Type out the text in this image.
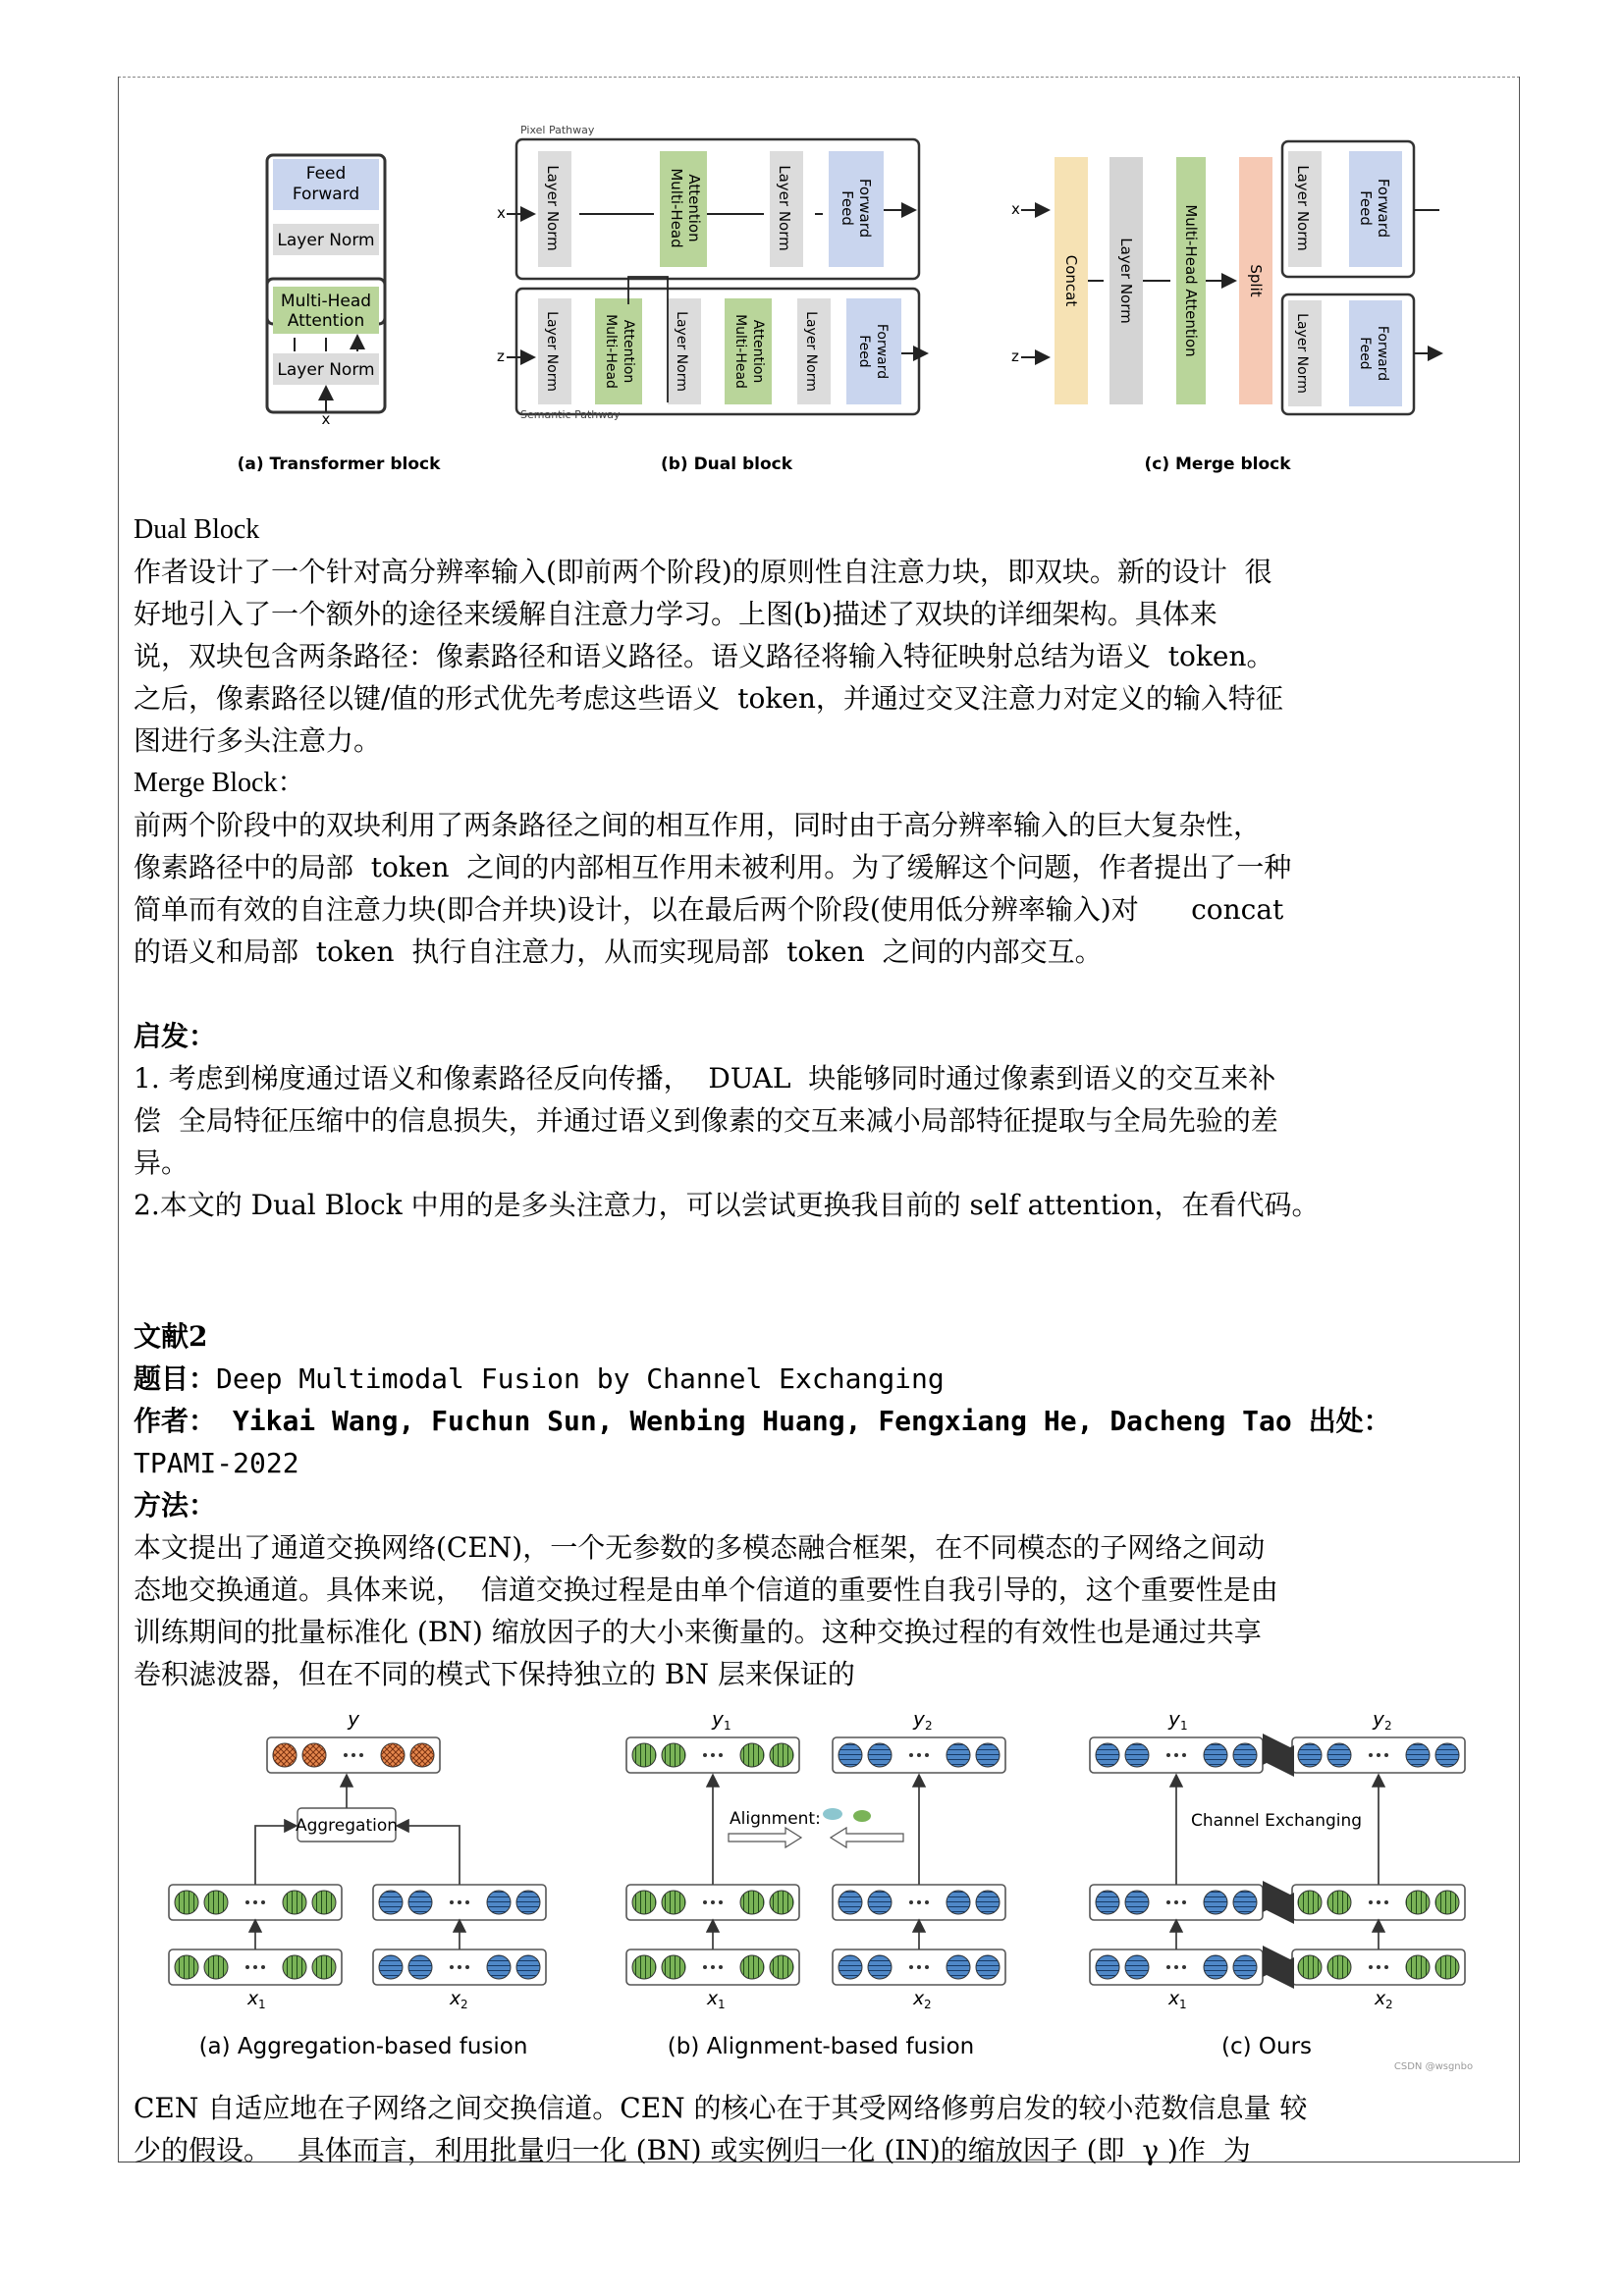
Feed
Forward
Layer Norm
Multi-Head
Attention
Layer Norm
x
(a) Transformer block
Pixel Pathway
x	Layer Norm	Multi-Head Attention	Layer Norm	Feed Forward
z	Layer Norm	Multi-Head Attention	Layer Norm	Multi-Head Attention	Layer Norm	Feed Forward
Semantic Pathway
(b) Dual block
x
z
Concat	Layer Norm	Multi-Head Attention	Split
Layer Norm	Feed Forward
Layer Norm	Feed Forward
(c) Merge block
Dual Block
作者设计了一个针对高分辨率输入(即前两个阶段)的原则性自注意力块，即双块。新的设计  很
好地引入了一个额外的途径来缓解自注意力学习。上图(b)描述了双块的详细架构。具体来
说，双块包含两条路径：像素路径和语义路径。语义路径将输入特征映射总结为语义  token。
之后，像素路径以键/值的形式优先考虑这些语义  token，并通过交叉注意力对定义的输入特征
图进行多头注意力。
Merge Block：
前两个阶段中的双块利用了两条路径之间的相互作用，同时由于高分辨率输入的巨大复杂性，
像素路径中的局部  token  之间的内部相互作用未被利用。为了缓解这个问题，作者提出了一种
简单而有效的自注意力块(即合并块)设计，以在最后两个阶段(使用低分辨率输入)对      concat
的语义和局部  token  执行自注意力，从而实现局部  token  之间的内部交互。
启发：
1. 考虑到梯度通过语义和像素路径反向传播，  DUAL  块能够同时通过像素到语义的交互来补
偿  全局特征压缩中的信息损失，并通过语义到像素的交互来减小局部特征提取与全局先验的差
异。
2.本文的 Dual Block 中用的是多头注意力，可以尝试更换我目前的 self attention，在看代码。
文献2
题目：Deep Multimodal Fusion by Channel Exchanging
作者： Yikai Wang, Fuchun Sun, Wenbing Huang, Fengxiang He, Dacheng Tao 出处：
TPAMI-2022
方法：
本文提出了通道交换网络(CEN)，一个无参数的多模态融合框架，在不同模态的子网络之间动
态地交换通道。具体来说，  信道交换过程是由单个信道的重要性自我引导的，这个重要性是由
训练期间的批量标准化 (BN) 缩放因子的大小来衡量的。这种交换过程的有效性也是通过共享
卷积滤波器，但在不同的模式下保持独立的 BN 层来保证的
y
Aggregation
x 1	x 2
(a) Aggregation-based fusion
y 1	y 2
Alignment:
x 1	x 2
(b) Alignment-based fusion
y 1	y 2
Channel Exchanging
x 1	x 2
(c) Ours
CSDN @wsgnbo
CEN 自适应地在子网络之间交换信道。CEN 的核心在于其受网络修剪启发的较小范数信息量 较
少的假设。   具体而言，利用批量归一化 (BN) 或实例归一化 (IN)的缩放因子 (即  γ )作  为
